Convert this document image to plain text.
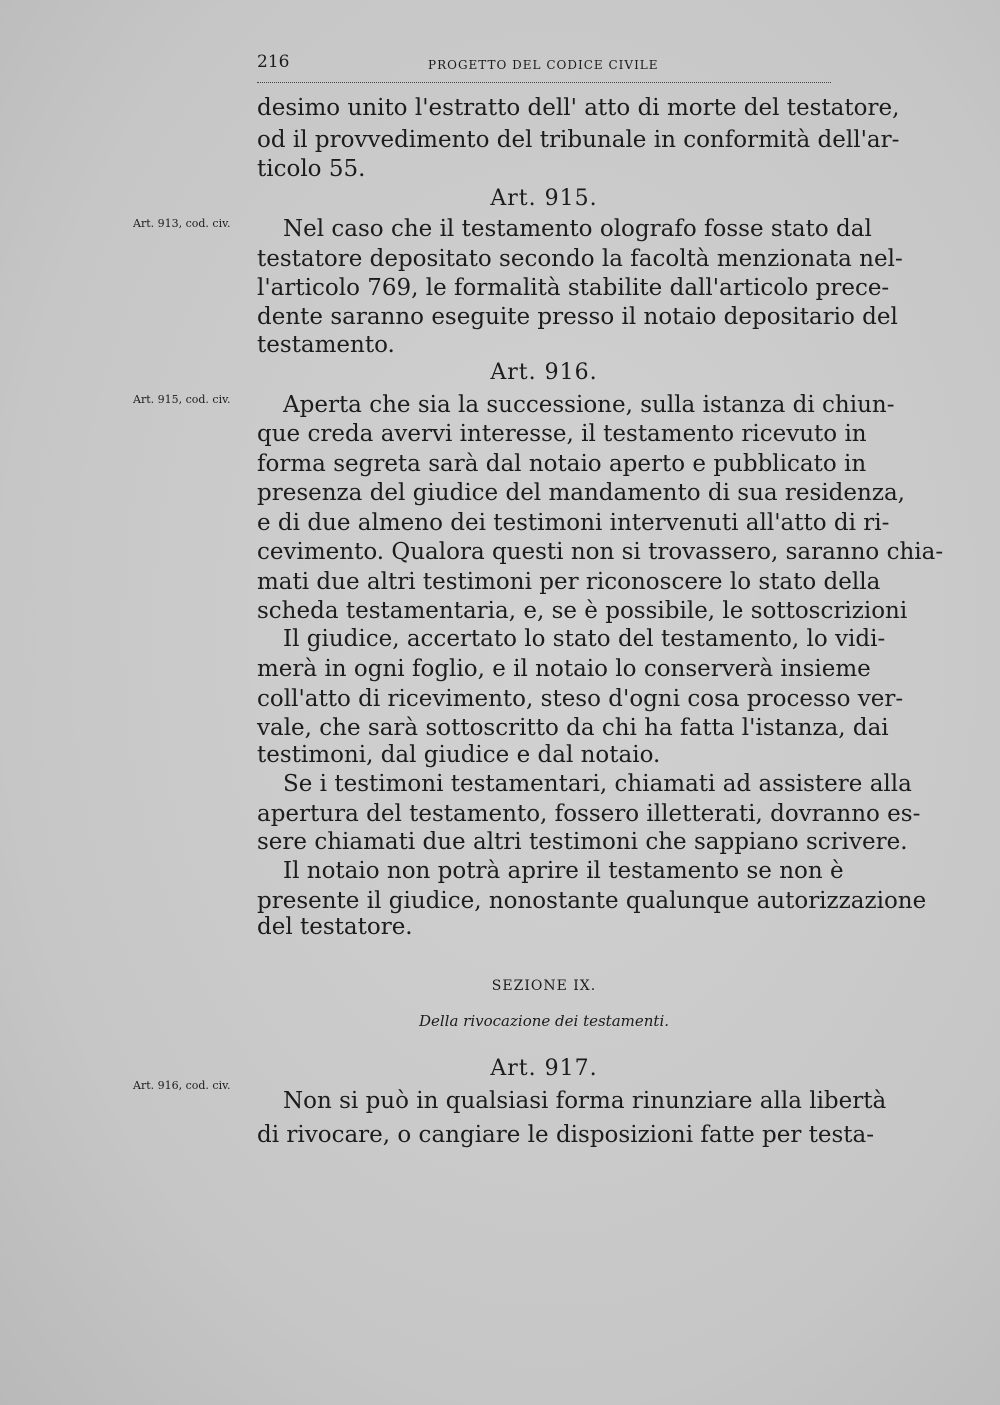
216	PROGETTO DEL CODICE CIVILE
desimo unito l'estratto dell' atto di morte del testatore,
od il provvedimento del tribunale in conformità dell'ar-
ticolo 55.
Art. 915.
Art. 913, cod. civ.	Nel caso che il testamento olografo fosse stato dal
testatore depositato secondo la facoltà menzionata nel-
l'articolo 769, le formalità stabilite dall'articolo prece-
dente saranno eseguite presso il notaio depositario del
testamento.
Art. 916.
Art. 915, cod. civ.	Aperta che sia la successione, sulla istanza di chiun-
que creda avervi interesse, il testamento ricevuto in
forma segreta sarà dal notaio aperto e pubblicato in
presenza del giudice del mandamento di sua residenza,
e di due almeno dei testimoni intervenuti all'atto di ri-
cevimento. Qualora questi non si trovassero, saranno chia-
mati due altri testimoni per riconoscere lo stato della
scheda testamentaria, e, se è possibile, le sottoscrizioni
Il giudice, accertato lo stato del testamento, lo vidi-
merà in ogni foglio, e il notaio lo conserverà insieme
coll'atto di ricevimento, steso d'ogni cosa processo ver-
vale, che sarà sottoscritto da chi ha fatta l'istanza, dai
testimoni, dal giudice e dal notaio.
Se i testimoni testamentari, chiamati ad assistere alla
apertura del testamento, fossero illetterati, dovranno es-
sere chiamati due altri testimoni che sappiano scrivere.
Il notaio non potrà aprire il testamento se non è
presente il giudice, nonostante qualunque autorizzazione
del testatore.
SEZIONE IX.
Della rivocazione dei testamenti.
Art. 917.
Art. 916, cod. civ.
Non si può in qualsiasi forma rinunziare alla libertà
di rivocare, o cangiare le disposizioni fatte per testa-
